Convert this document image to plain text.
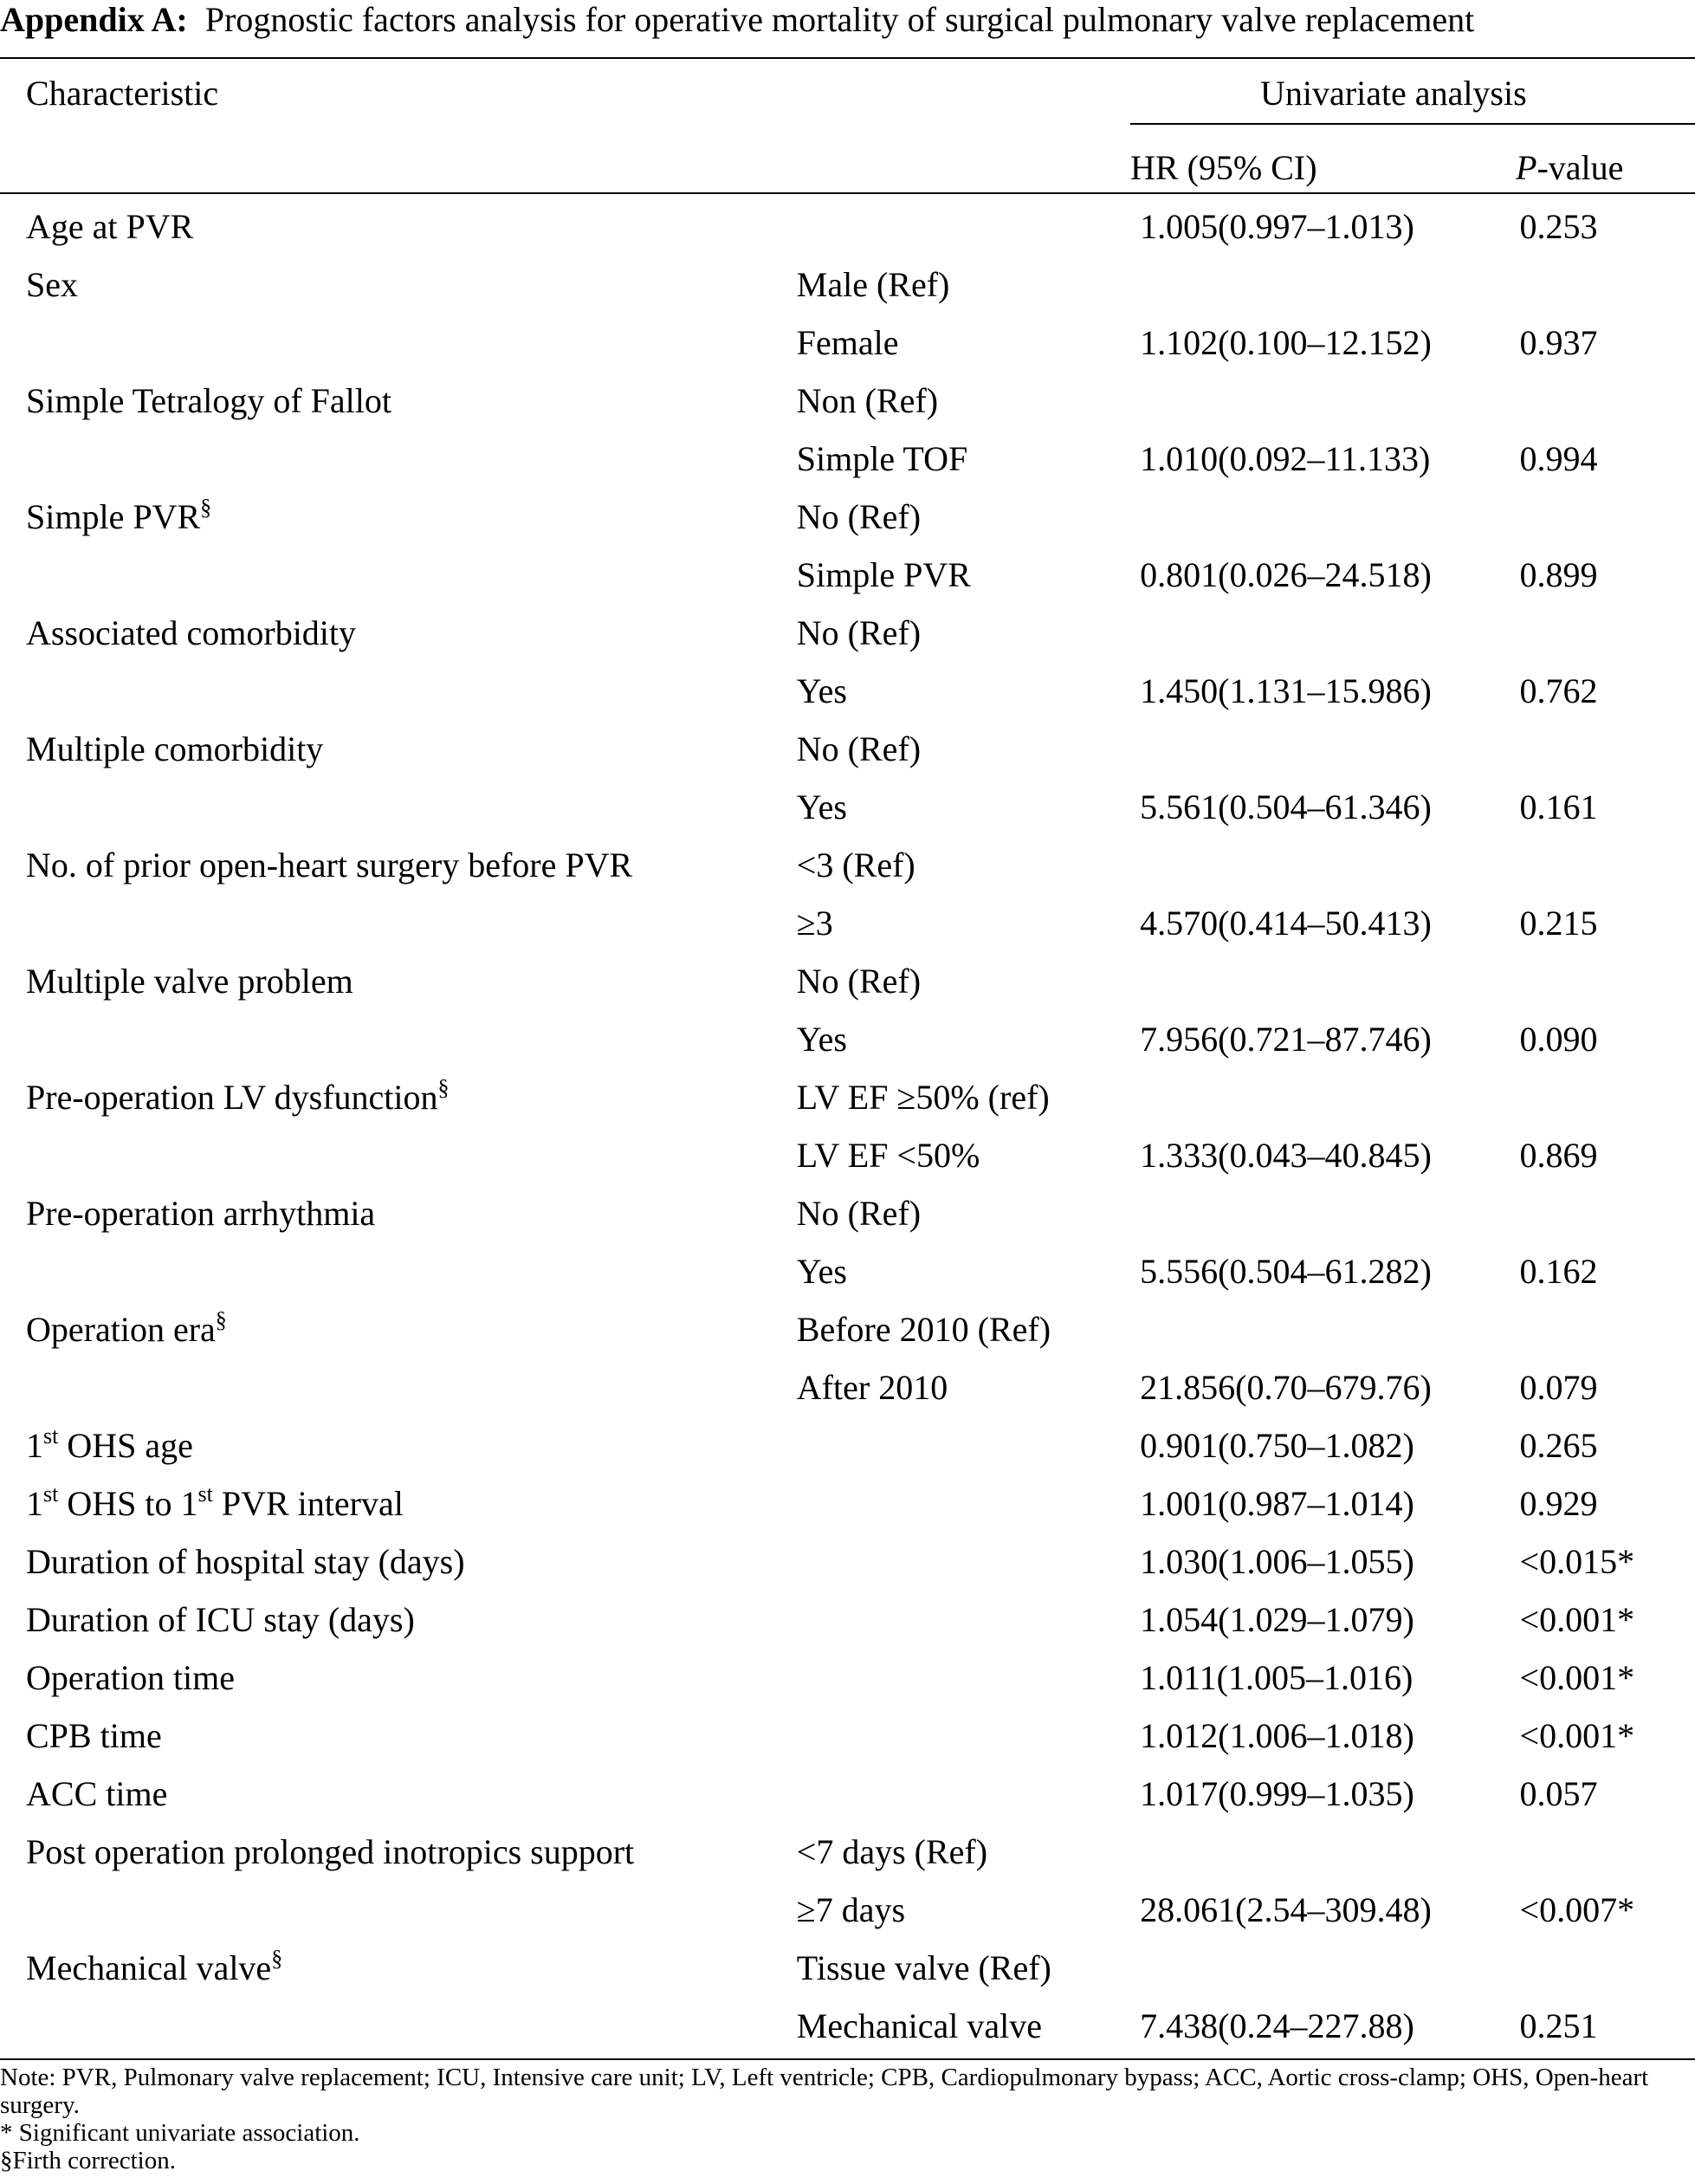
Appendix A: Prognostic factors analysis for operative mortality of surgical pulmonary valve replacement
Characteristic	Univariate analysis
HR (95% CI)	P-value
Age at PVR		1.005(0.997–1.013)	0.253
Sex	Male (Ref)		
	Female	1.102(0.100–12.152)	0.937
Simple Tetralogy of Fallot	Non (Ref)		
	Simple TOF	1.010(0.092–11.133)	0.994
Simple PVR§	No (Ref)		
	Simple PVR	0.801(0.026–24.518)	0.899
Associated comorbidity	No (Ref)		
	Yes	1.450(1.131–15.986)	0.762
Multiple comorbidity	No (Ref)		
	Yes	5.561(0.504–61.346)	0.161
No. of prior open-heart surgery before PVR	<3 (Ref)		
	≥3	4.570(0.414–50.413)	0.215
Multiple valve problem	No (Ref)		
	Yes	7.956(0.721–87.746)	0.090
Pre-operation LV dysfunction§	LV EF ≥50% (ref)		
	LV EF <50%	1.333(0.043–40.845)	0.869
Pre-operation arrhythmia	No (Ref)		
	Yes	5.556(0.504–61.282)	0.162
Operation era§	Before 2010 (Ref)		
	After 2010	21.856(0.70–679.76)	0.079
1st OHS age		0.901(0.750–1.082)	0.265
1st OHS to 1st PVR interval		1.001(0.987–1.014)	0.929
Duration of hospital stay (days)		1.030(1.006–1.055)	<0.015*
Duration of ICU stay (days)		1.054(1.029–1.079)	<0.001*
Operation time		1.011(1.005–1.016)	<0.001*
CPB time		1.012(1.006–1.018)	<0.001*
ACC time		1.017(0.999–1.035)	0.057
Post operation prolonged inotropics support	<7 days (Ref)		
	≥7 days	28.061(2.54–309.48)	<0.007*
Mechanical valve§	Tissue valve (Ref)		
	Mechanical valve	7.438(0.24–227.88)	0.251
Note: PVR, Pulmonary valve replacement; ICU, Intensive care unit; LV, Left ventricle; CPB, Cardiopulmonary bypass; ACC, Aortic cross-clamp; OHS, Open-heart surgery.
* Significant univariate association.
§Firth correction.
